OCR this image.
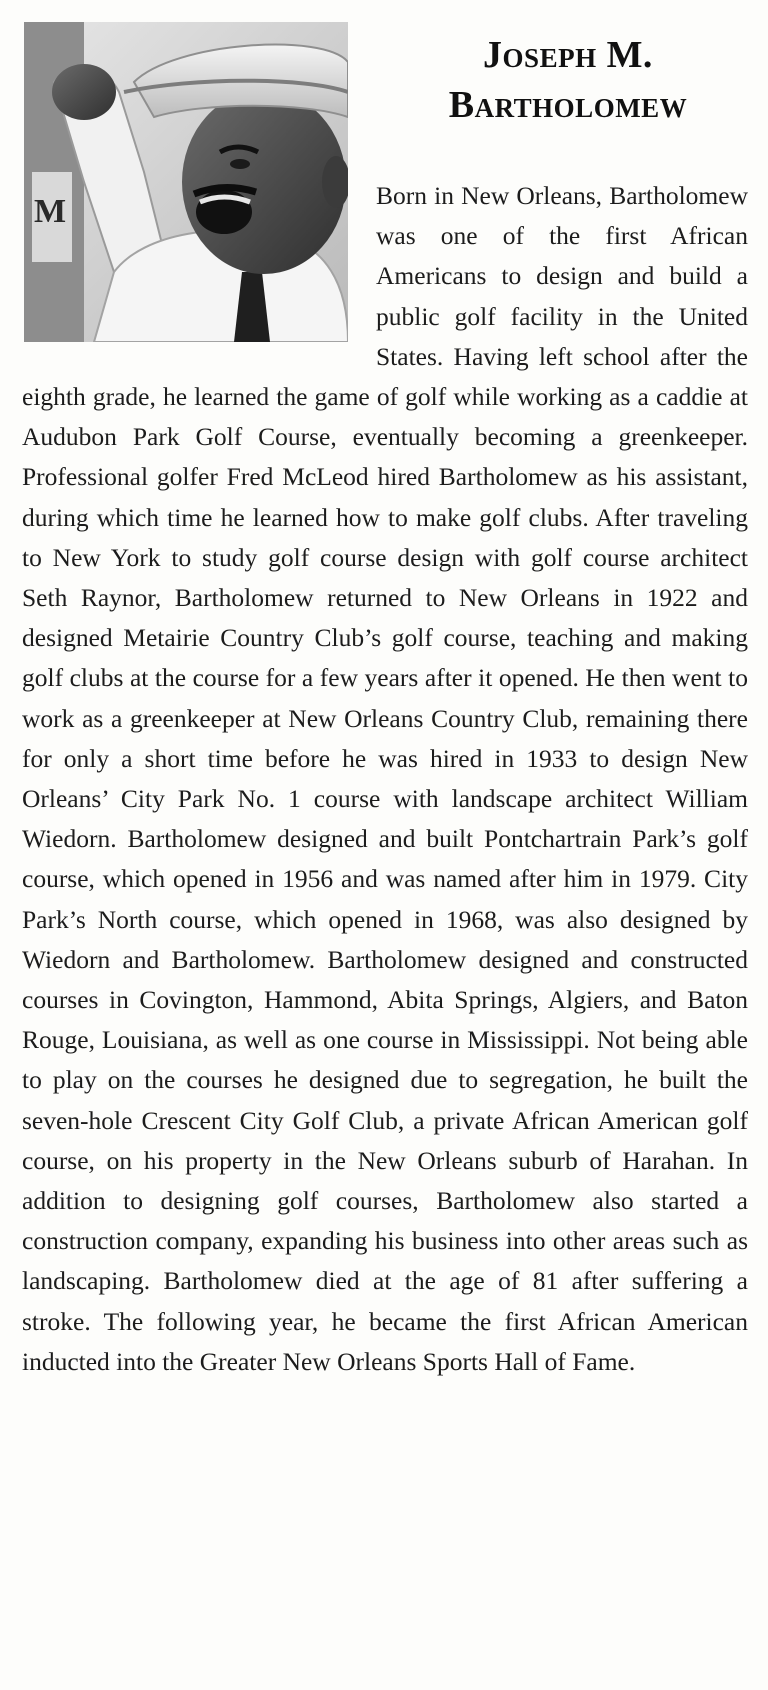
M
Joseph M. Bartholomew

Born in New Orleans, Bartholomew was one of the first African Americans to design and build a public golf facility in the United States. Having left school after the eighth grade, he learned the game of golf while working as a caddie at Audubon Park Golf Course, eventually becoming a greenkeeper. Professional golfer Fred McLeod hired Bartholomew as his assistant, during which time he learned how to make golf clubs. After traveling to New York to study golf course design with golf course architect Seth Raynor, Bartholomew returned to New Orleans in 1922 and designed Metairie Country Club’s golf course, teaching and making golf clubs at the course for a few years after it opened. He then went to work as a greenkeeper at New Orleans Country Club, remaining there for only a short time before he was hired in 1933 to design New Orleans’ City Park No. 1 course with landscape architect William Wiedorn. Bartholomew designed and built Pontchartrain Park’s golf course, which opened in 1956 and was named after him in 1979. City Park’s North course, which opened in 1968, was also designed by Wiedorn and Bartholomew. Bartholomew designed and constructed courses in Covington, Hammond, Abita Springs, Algiers, and Baton Rouge, Louisiana, as well as one course in Mississippi. Not being able to play on the courses he designed due to segregation, he built the seven-hole Crescent City Golf Club, a private African American golf course, on his property in the New Orleans suburb of Harahan. In addition to designing golf courses, Bartholomew also started a construction company, expanding his business into other areas such as landscaping. Bartholomew died at the age of 81 after suffering a stroke. The following year, he became the first African American inducted into the Greater New Orleans Sports Hall of Fame.
